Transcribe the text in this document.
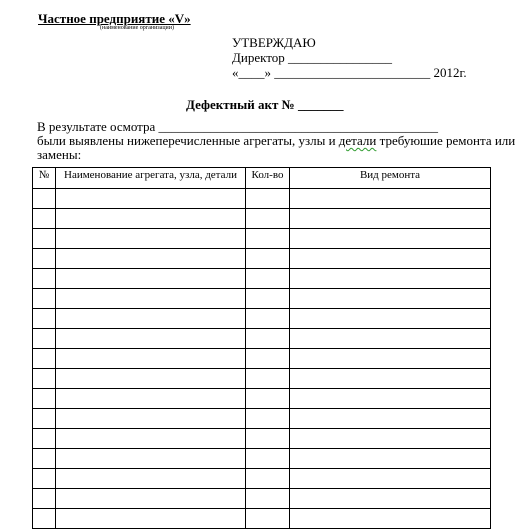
Частное предприятие «V»
(наименование организации)
УТВЕРЖДАЮ
Директор ________________
«____» ________________________ 2012г.
Дефектный акт № _______
В результате осмотра ___________________________________________
были выявлены нижеперечисленные агрегаты, узлы и детали требуюшие ремонта или
замены:
№	Наименование агрегата, узла, детали	Кол-во	Вид ремонта
